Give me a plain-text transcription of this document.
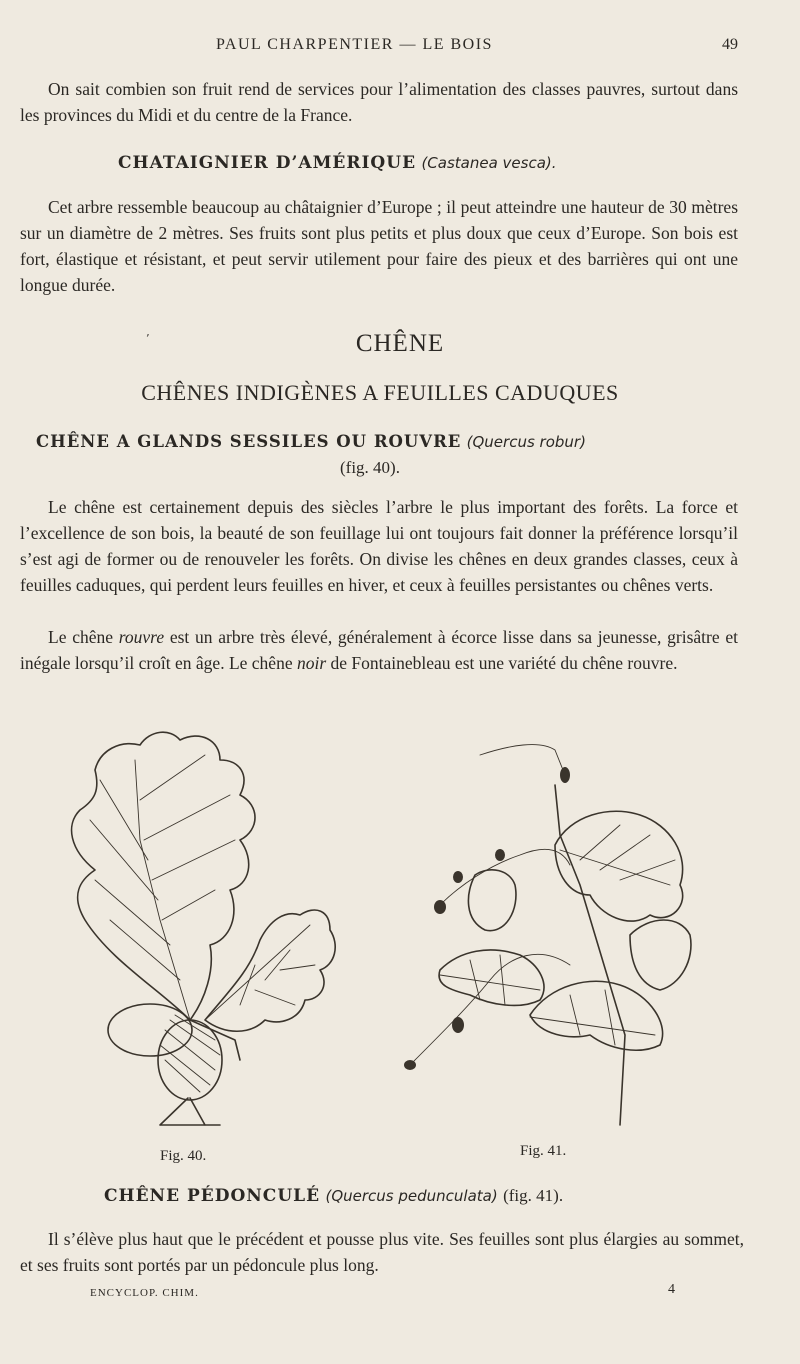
PAUL CHARPENTIER — LE BOIS	49
On sait combien son fruit rend de services pour l’alimentation des classes pauvres, surtout dans les provinces du Midi et du centre de la France.
CHATAIGNIER D’AMÉRIQUE (Castanea vesca).
Cet arbre ressemble beaucoup au châtaignier d’Europe ; il peut atteindre une hauteur de 30 mètres sur un diamètre de 2 mètres. Ses fruits sont plus petits et plus doux que ceux d’Europe. Son bois est fort, élastique et résistant, et peut servir utilement pour faire des pieux et des barrières qui ont une longue durée.
’	CHÊNE
CHÊNES INDIGÈNES A FEUILLES CADUQUES
CHÊNE A GLANDS SESSILES OU ROUVRE (Quercus robur)
(fig. 40).
Le chêne est certainement depuis des siècles l’arbre le plus important des forêts. La force et l’excellence de son bois, la beauté de son feuillage lui ont toujours fait donner la préférence lorsqu’il s’est agi de former ou de renouveler les forêts. On divise les chênes en deux grandes classes, ceux à feuilles caduques, qui perdent leurs feuilles en hiver, et ceux à feuilles persistantes ou chênes verts.
Le chêne rouvre est un arbre très élevé, généralement à écorce lisse dans sa jeunesse, grisâtre et inégale lorsqu’il croît en âge. Le chêne noir de Fontainebleau est une variété du chêne rouvre.
Fig. 40.	Fig. 41.
CHÊNE PÉDONCULÉ (Quercus pedunculata) (fig. 41).
Il s’élève plus haut que le précédent et pousse plus vite. Ses feuilles sont plus élargies au sommet, et ses fruits sont portés par un pédoncule plus long.
ENCYCLOP. CHIM.	4
